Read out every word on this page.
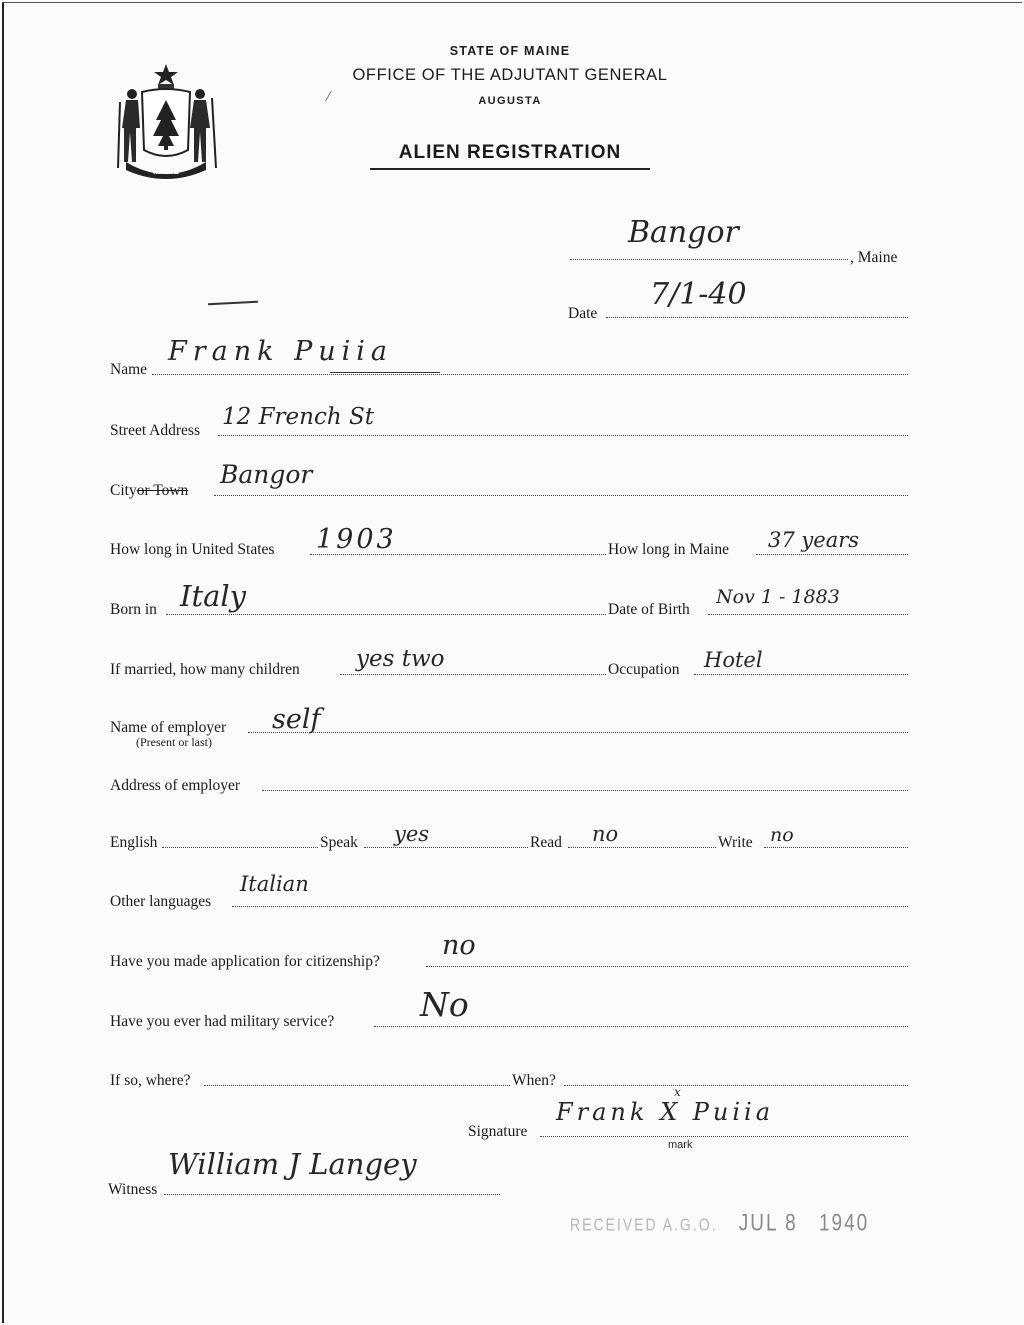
MAINE
STATE OF MAINE
OFFICE OF THE ADJUTANT GENERAL
AUGUSTA
ALIEN REGISTRATION
/
Bangor
, Maine
Date
7/1-40
Name
Frank Puiia
Street Address
12 French St
Cityor Town
Bangor
How long in United States 1903	How long in Maine 37 years
Born in Italy	Date of Birth
Nov 1 - 1883
If married, how many children yes two	Occupation Hotel
Name of employer
(Present or last)
self
Address of employer
English	Speak yes	Read no	Write no
Other languages
Italian
Have you made application for citizenship?
no
Have you ever had military service?	No
If so, where?	When?
Signature
Frank X Puiia
x
mark
Witness
William J Langey
RECEIVED A.G.O. JUL 8 1940
